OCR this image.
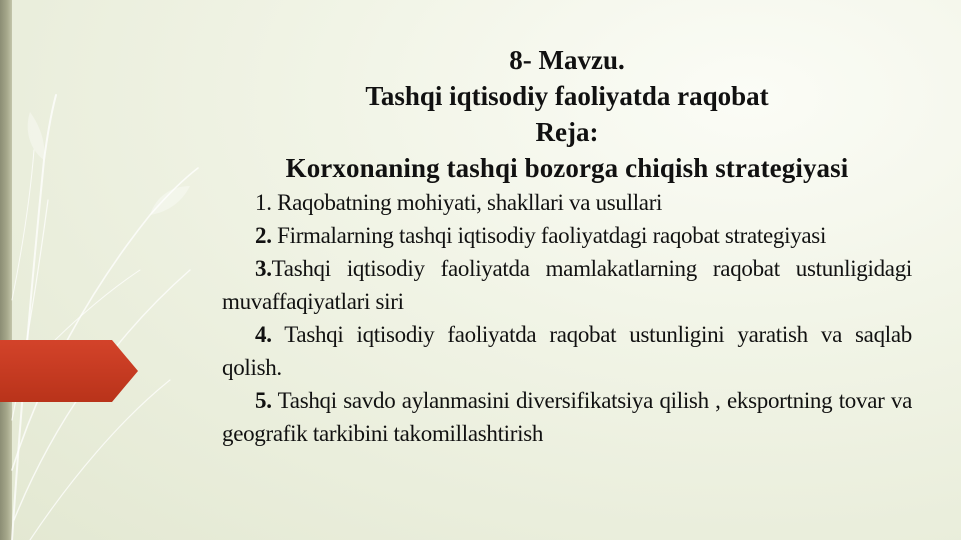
8- Mavzu.

Tashqi iqtisodiy faoliyatda raqobat

Reja:

Korxonaning tashqi bozorga chiqish strategiyasi

1. Raqobatning mohiyati, shakllari va usullari

2. Firmalarning tashqi iqtisodiy faoliyatdagi raqobat strategiyasi

3.Tashqi iqtisodiy faoliyatda mamlakatlarning raqobat ustunligidagi muvaffaqiyatlari siri

4. Tashqi iqtisodiy faoliyatda raqobat ustunligini yaratish va saqlab qolish.

5. Tashqi savdo aylanmasini diversifikatsiya qilish , eksportning tovar va geografik tarkibini takomillashtirish
